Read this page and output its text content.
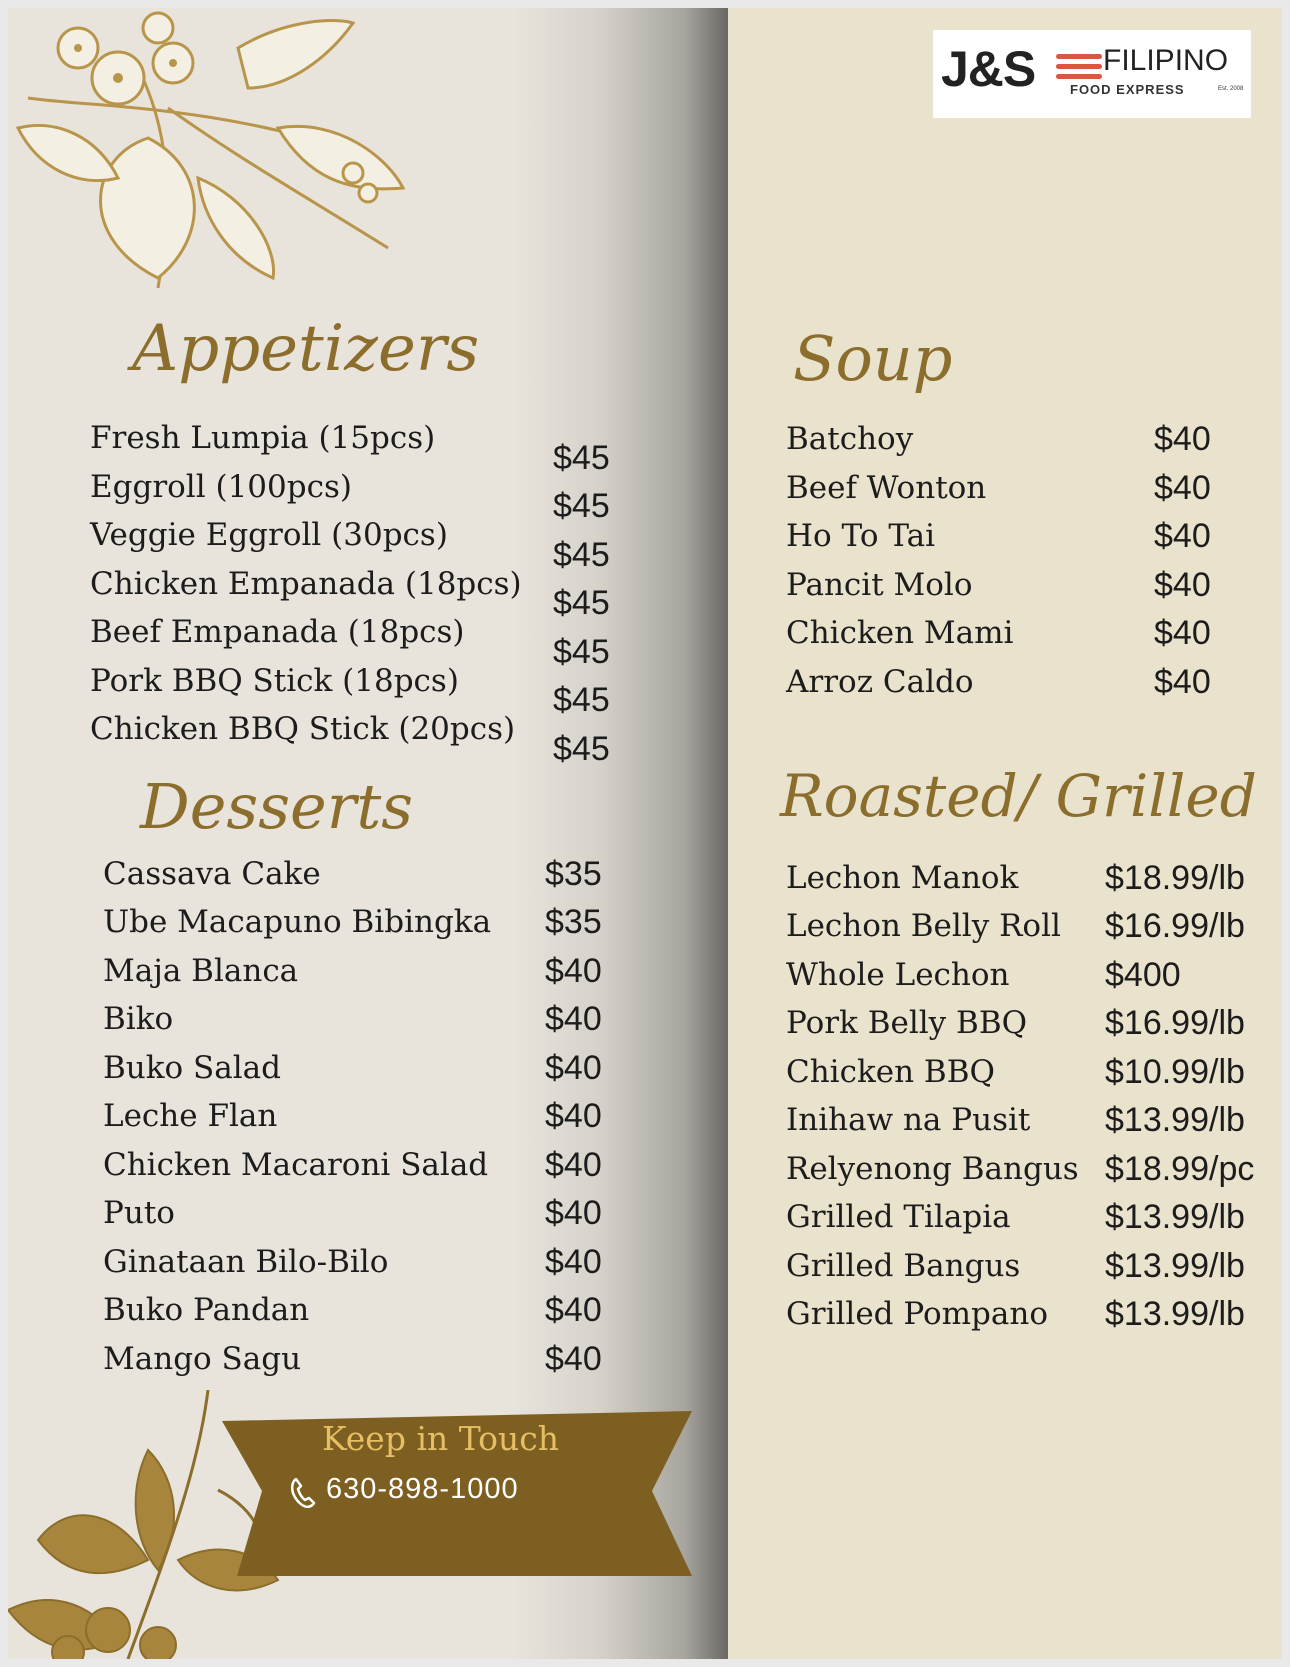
J&S FILIPINO
FOOD EXPRESS	Est. 2008
Appetizers

Fresh Lumpia (15pcs)

Eggroll (100pcs)

Veggie Eggroll (30pcs)

Chicken Empanada (18pcs)

Beef Empanada (18pcs)

Pork BBQ Stick (18pcs)

Chicken BBQ Stick (20pcs)

$45

$45

$45

$45

$45

$45

$45

Desserts

Cassava Cake

Ube Macapuno Bibingka

Maja Blanca

Biko

Buko Salad

Leche Flan

Chicken Macaroni Salad

Puto

Ginataan Bilo-Bilo

Buko Pandan

Mango Sagu

$35

$35

$40

$40

$40

$40

$40

$40

$40

$40

$40

Soup

Batchoy

Beef Wonton

Ho To Tai

Pancit Molo

Chicken Mami

Arroz Caldo

$40

$40

$40

$40

$40

$40

Roasted/ Grilled

Lechon Manok

Lechon Belly Roll

Whole Lechon

Pork Belly BBQ

Chicken BBQ

Inihaw na Pusit

Relyenong Bangus

Grilled Tilapia

Grilled Bangus

Grilled Pompano

$18.99/lb

$16.99/lb

$400

$16.99/lb

$10.99/lb

$13.99/lb

$18.99/pc

$13.99/lb

$13.99/lb

$13.99/lb

Keep in Touch
630-898-1000
